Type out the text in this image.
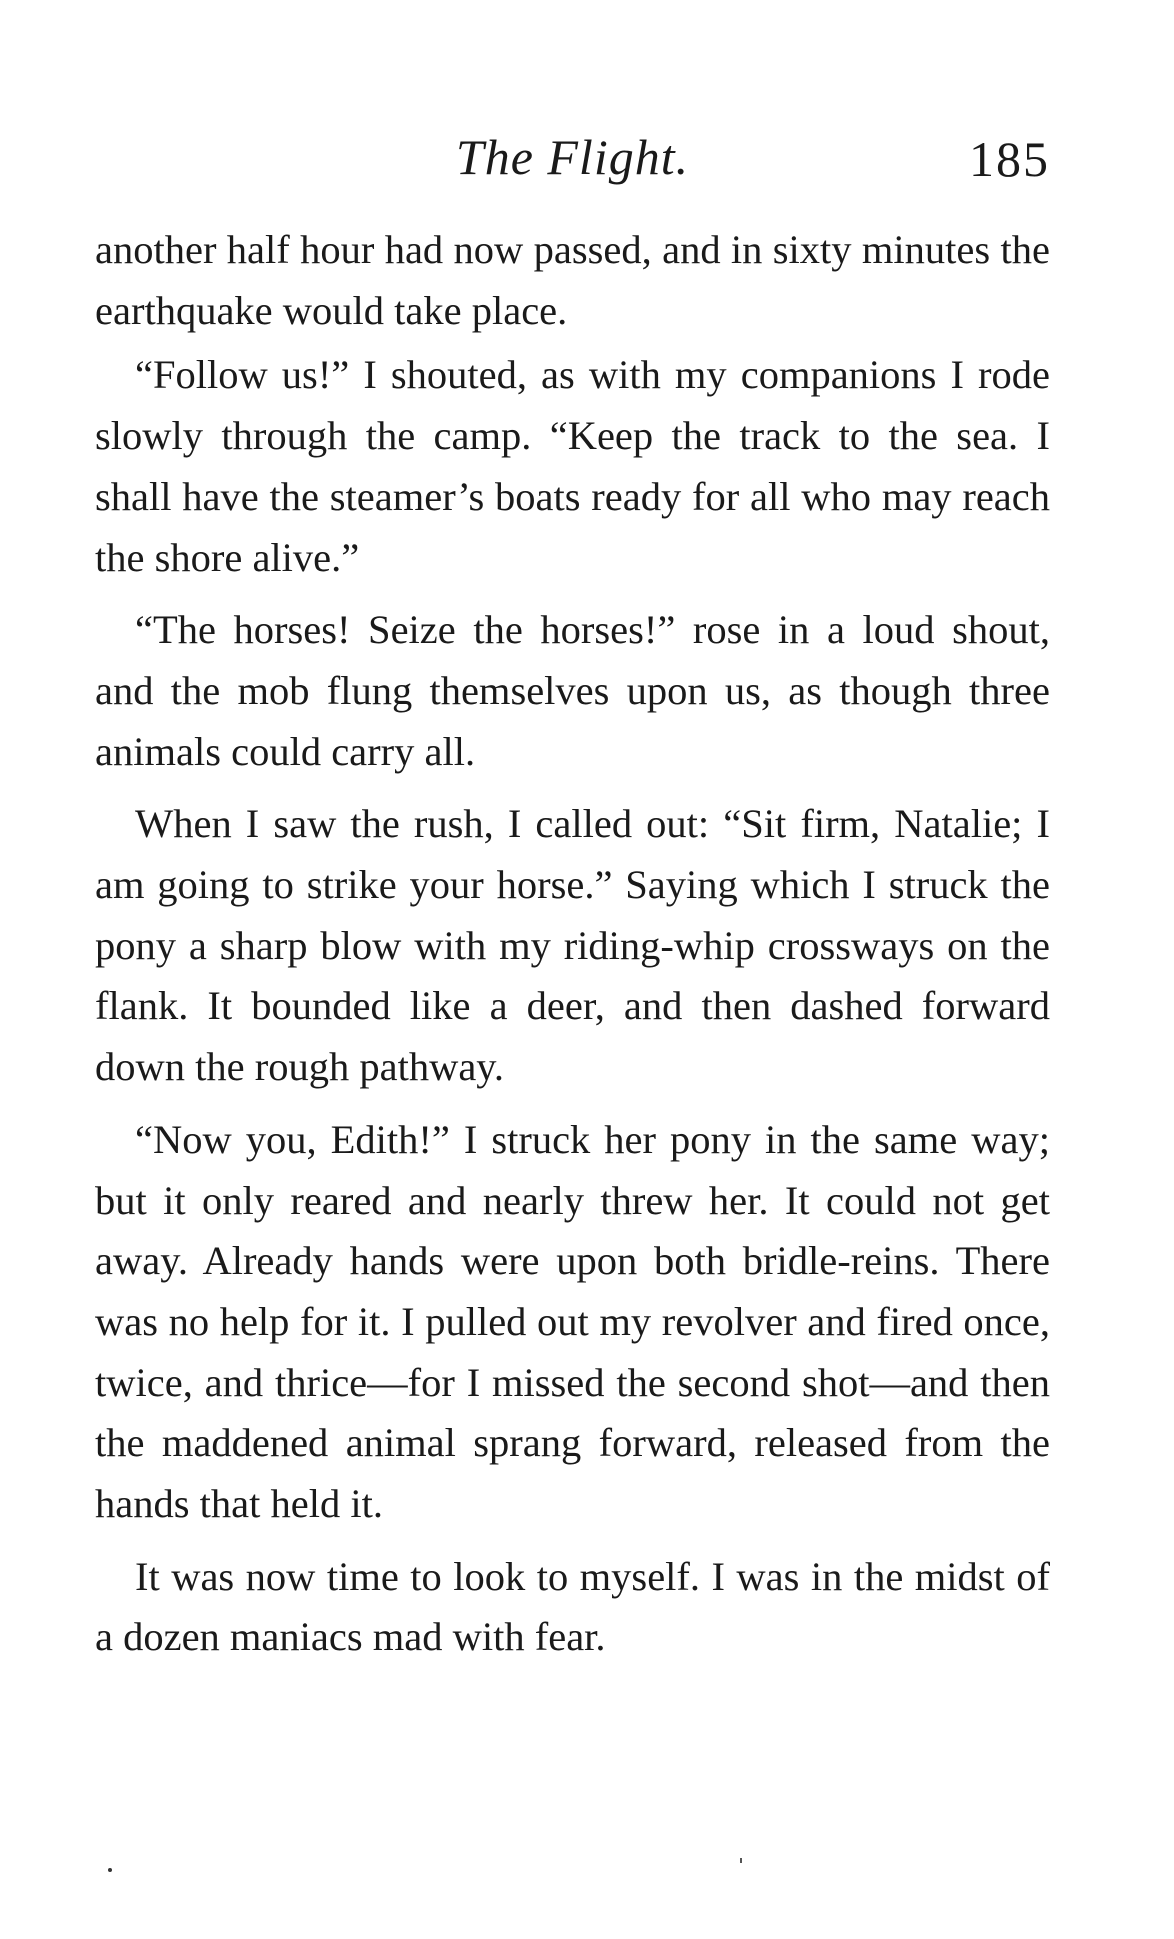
The Flight.	185

another half hour had now passed, and in sixty minutes the earthquake would take place.

“Follow us!” I shouted, as with my companions I rode slowly through the camp. “Keep the track to the sea. I shall have the steamer’s boats ready for all who may reach the shore alive.”

“The horses! Seize the horses!” rose in a loud shout, and the mob flung themselves upon us, as though three animals could carry all.

When I saw the rush, I called out: “Sit firm, Natalie; I am going to strike your horse.” Saying which I struck the pony a sharp blow with my riding-whip crossways on the flank. It bounded like a deer, and then dashed forward down the rough pathway.

“Now you, Edith!” I struck her pony in the same way; but it only reared and nearly threw her. It could not get away. Already hands were upon both bridle-reins. There was no help for it. I pulled out my revolver and fired once, twice, and thrice—for I missed the second shot—and then the maddened animal sprang forward, released from the hands that held it.

It was now time to look to myself. I was in the midst of a dozen maniacs mad with fear.
